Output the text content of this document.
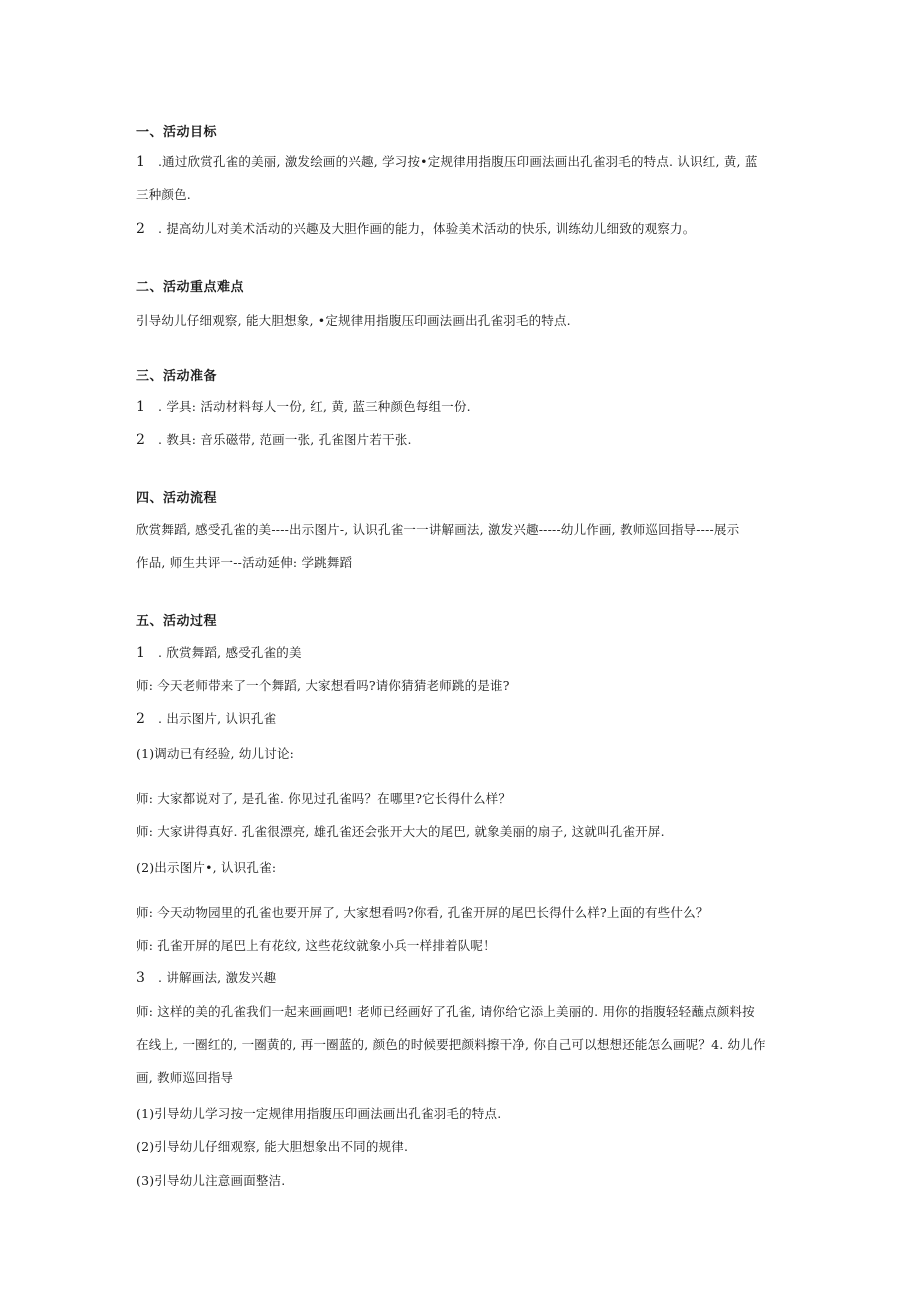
一、活动目标
1 .通过欣赏孔雀的美丽, 激发绘画的兴趣, 学习按•定规律用指腹压印画法画出孔雀羽毛的特点. 认识红, 黄, 蓝
三种颜色.
2 . 提高幼儿对美术活动的兴趣及大胆作画的能力，体验美术活动的快乐, 训练幼儿细致的观察力。
二、活动重点难点
引导幼儿仔细观察, 能大胆想象, •定规律用指腹压印画法画出孔雀羽毛的特点.
三、活动准备
1 . 学具: 活动材料每人一份, 红, 黄, 蓝三种颜色每组一份.
2 . 教具: 音乐磁带, 范画一张, 孔雀图片若干张.
四、活动流程
欣赏舞蹈, 感受孔雀的美----出示图片-, 认识孔雀一一讲解画法, 激发兴趣-----幼儿作画, 教师巡回指导----展示
作品, 师生共评一--活动延伸: 学跳舞蹈
五、活动过程
1 . 欣赏舞蹈, 感受孔雀的美
师: 今天老师带来了一个舞蹈, 大家想看吗?请你猜猜老师跳的是谁?
2 . 出示图片, 认识孔雀
(1)调动已有经验, 幼儿讨论:
师: 大家都说对了, 是孔雀. 你见过孔雀吗？在哪里?它长得什么样？
师: 大家讲得真好. 孔雀很漂亮, 雄孔雀还会张开大大的尾巴, 就象美丽的扇子, 这就叫孔雀开屏.
(2)出示图片•, 认识孔雀:
师: 今天动物园里的孔雀也要开屏了, 大家想看吗?你看, 孔雀开屏的尾巴长得什么样?上面的有些什么？
师: 孔雀开屏的尾巴上有花纹, 这些花纹就象小兵一样排着队呢！
3 . 讲解画法, 激发兴趣
师: 这样的美的孔雀我们一起来画画吧! 老师已经画好了孔雀, 请你给它添上美丽的. 用你的指腹轻轻蘸点颜料按
在线上, 一圈红的, 一圈黄的, 再一圈蓝的, 颜色的时候要把颜料擦干净, 你自己可以想想还能怎么画呢？4. 幼儿作
画, 教师巡回指导
(1)引导幼儿学习按一定规律用指腹压印画法画出孔雀羽毛的特点.
(2)引导幼儿仔细观察, 能大胆想象出不同的规律.
(3)引导幼儿注意画面整洁.
